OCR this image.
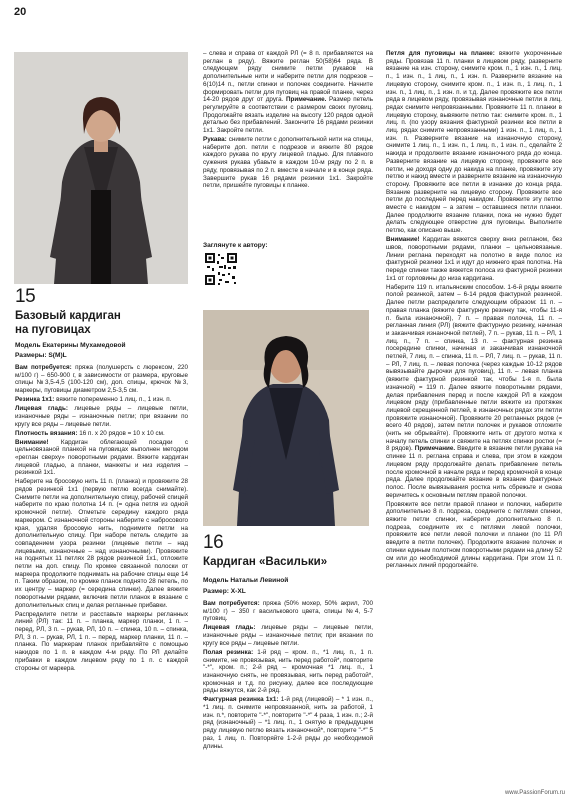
20
15
Базовый кардиган
на пуговицах
Модель Екатерины Мухамедовой
Размеры: S(M)L

Вам потребуется: пряжа (полушерсть с люрексом, 220 м/100 г) – 650-900 г, в зависимости от размера, круговые спицы №3,5-4,5 (100-120 см), доп. спицы, крючок №3, маркеры, пуговицы диаметром 2,5-3,5 см.

Резинка 1х1: вяжите попеременно 1 лиц. п., 1 изн. п.

Лицевая гладь: лицевые ряды – лицевые петли, изнаночные ряды – изнаночные петли; при вязании по кругу все ряды – лицевые петли.

Плотность вязания: 16 п. х 20 рядов = 10 х 10 см.

Внимание! Кардиган облегающей посадки с цельновязаной планкой на пуговицах выполнен методом «реглан сверху» поворотными рядами. Вяжите кардиган лицевой гладью, а планки, манжеты и низ изделия – резинкой 1х1.

Наберите на бросовую нить 11 п. (планка) и провяжите 28 рядов резинкой 1х1 (первую петлю всегда снимайте). Снимите петли на дополнительную спицу, рабочей спицей наберите по краю полотна 14 п. (= одна петля из одной кромочной петли). Отметьте середину каждого ряда маркером. С изнаночной стороны наберите с набросового края, удаляя бросовую нить, поднимите петли на дополнительную спицу. При наборе петель следите за совпадением узора резинки (лицевые петли – над лицевыми, изнаночные – над изнаночными). Провяжите на поднятых 11 петлях 28 рядов резинкой 1х1, отложите петли на доп. спицу. По кромке связанной полоски от маркера продолжите поднимать на рабочие спицы еще 14 п. Таким образом, по кромке планок поднято 28 петель, по их центру – маркер (= середина спинки). Далее вяжите поворотными рядами, включив петли планок в вязание с дополнительных спиц и делая регланные прибавки.

Распределите петли и расставьте маркеры регланных линий (РЛ) так: 11 п. – планка, маркер планки, 1 п. – перед, РЛ, 3 п. – рукав, РЛ, 10 п. – спинка, 10 п. – спинка, РЛ, 3 п. – рукав, РЛ, 1 п. – перед, маркер планки, 11 п. – планка. По маркерам планок прибавляйте с помощью накидов по 1 п. в каждом 4-м ряду. По РЛ делайте прибавки в каждом лицевом ряду по 1 п. с каждой стороны от маркера.

– слева и справа от каждой РЛ (= 8 п. прибавляется на реглан в ряду). Вяжите реглан 50(58)64 ряда. В следующем ряду снимите петли рукавов на дополнительные нити и наберите петли для подрезов – 6(10)14 п., петли спинки и полочек соедините. Начните формировать петли для пуговиц на правой планке, через 14-20 рядов друг от друга. Примечание. Размер петель регулируйте в соответствии с размером своих пуговиц. Продолжайте вязать изделие на высоту 120 рядов одной деталью без прибавлений. Закончите 16 рядами резинки 1х1. Закройте петли.

Рукава: снимите петли с дополнительной нити на спицы, наберите доп. петли с подрезов и вяжите 80 рядов каждого рукава по кругу лицевой гладью. Для плавного сужения рукава убавьте в каждом 10-м ряду по 2 п. в ряду, провязывая по 2 п. вместе в начале и в конце ряда. Завершите рукав 16 рядами резинки 1х1. Закройте петли, пришейте пуговицы к планке.

Заглянуте к автору:
16
Кардиган «Васильки»
Модель Натальи Левиной
Размер: X-XL

Вам потребуется: пряжа (50% мохер, 50% акрил, 700 м/100 г) – 350 г василькового цвета, спицы №4, 5-7 пуговиц.

Лицевая гладь: лицевые ряды – лицевые петли, изнаночные ряды – изнаночные петли; при вязании по кругу все ряды – лицевые петли.

Полая резинка: 1-й ряд – кром. п., *1 лиц. п., 1 п. снимите, не провязывая, нить перед работой*, повторите "-*", кром. п.; 2-й ряд – кромочная *1 лиц. п., 1 изнаночную снять, не провязывая, нить перед работой*, кромочная и т.д. по рисунку, далее все последующие ряды вяжутся, как 2-й ряд.

Фактурная резинка 1х1: 1-й ряд (лицевой) – * 1 изн. п., *1 лиц. п. снимите непровязанной, нить за работой, 1 изн. п.*, повторите "-*", повторите "-*" 4 раза, 1 изн. п.; 2-й ряд (изнаночный) – *1 лиц. п., 1 снятую в предыдущем ряду лицевую петлю вязать изнаночной*, повторите "-*" 5 раз, 1 лиц. п. Повторяйте 1-2-й ряды до необходимой длины.

Петля для пуговицы на планке: вяжите укороченные ряды. Провязав 11 п. планки в лицевом ряду, разверните вязание на изн. сторону, снимите кром. п., 1 изн. п., 1 лиц. п., 1 изн. п., 1 лиц. п., 1 изн. п. Разверните вязание на лицевую сторону, снимите кром. п., 1 изн. п., 1 лиц. п., 1 изн. п., 1 лиц. п., 1 изн. п. и т.д. Далее провяжите все петли ряда в лицевом ряду, провязывая изнаночные петли в лиц. рядах снимите непровязанными. Провяжите 11 п. планки в лицевую сторону, вывяжите петлю так: снимите кром. п., 1 лиц. п. (по узору вязания фактурной резинки все петли в лиц. рядах снимите непровязанными) 1 изн. п., 1 лиц. п., 1 изн. п. Разверните вязание на изнаночную сторону, снимите 1 лиц. п., 1 изн. п., 1 лиц. п., 1 изн. п., сделайте 2 накида и продолжите вязание изнаночного ряда до конца. Разверните вязание на лицевую сторону, провяжите все петли, не доходя одну до накида на планке, провяжите эту петлю и накид вместе и разверните вязание на изнаночную сторону. Провяжите все петли в изнанке до конца ряда. Вязание разверните на лицевую сторону. Провяжите все петли до последней перед накидом. Провяжите эту петлю вместе с накидом – а затем – оставшиеся петли планки. Далее продолжите вязание планки, пока не нужно будет делать следующее отверстие для пуговицы. Выполните петлю, как описано выше.

Внимание! Кардиган вяжется сверху вниз регланом, без швов, поворотными рядами, планки – цельновязаные. Линии реглана переходят на полотно в виде полос из фактурной резинки 1х1 и идут до нижнего края полотна. На переде спинки также вяжется полоса из фактурной резинки 1х1 от горловины до низа кардигана.

Наберите 119 п. итальянским способом. 1-6-й ряды вяжите полой резинкой, затем – 6-14 рядов фактурной резинкой. Далее петли распределите следующим образом: 11 п. – правая планка (вяжите фактурную резинку так, чтобы 11-я п. была изнаночной), 7 п. – правая полочка, 11 п. – регланная линия (РЛ) (вяжите фактурную резинку, начиная и заканчивая изнаночной петлей), 7 п. – рукав, 11 п. – РЛ, 1 лиц. п., 7 п. – спинка, 13 п. – фактурная резинка посередине спинки, начиная и заканчивая изнаночной петлей, 7 лиц. п. – спинка, 11 п. – РЛ, 7 лиц. п. – рукав, 11 п. – РЛ, 7 лиц. п. – левая полочка (через каждые 10-12 рядов вывязывайте дырочки для пуговиц), 11 п. – левая планка (вяжите фактурной резинкой так, чтобы 1-я п. была изначной) = 119 п. Далее вяжите поворотными рядами, делая прибавления перед и после каждой РЛ в каждом лицевом ряду (прибавленные петли вяжите из протяжек лицевой скрещенной петлей, в изнаночных рядах эти петли провяжите изнаночной). Провяжите 20 регланных рядов (= всего 40 рядов), затем петли полочек и рукавов отложите (нить не обрывайте). Провяжите нить от другого мотка к началу петель спинки и свяжите на петлях спинки ростки (= 8 рядов). Примечание. Введите в вязание петли рукава на спинке 11 п. реглана справа и слева, при этом в каждом лицевом ряду продолжайте делать прибавление петель после кромочной в начале ряда и перед кромочной в конце ряда. Далее продолжайте вязание в вязание фактурных полос. После вывязывания ростка нить сбрежьте и снова веричитесь к основным петлям правой полочки.

Провяжите все петли правой планки и полочки, наберите дополнительно 8 п. подреза, соедините с петлями спинки, вяжите петли спинки, наберите дополнительно 8 п. подреза, соедините их с петлями левой полочки, провяжите все петли левой полочки и планки (по 11 РЛ введите в петли полочек). Продолжите вязание полочек и спинки единым полотном поворотными рядами на длину 52 см или до необходимой длины кардигана. При этом 11 п. регланных линий продолжайте.

www.PassionForum.ru
